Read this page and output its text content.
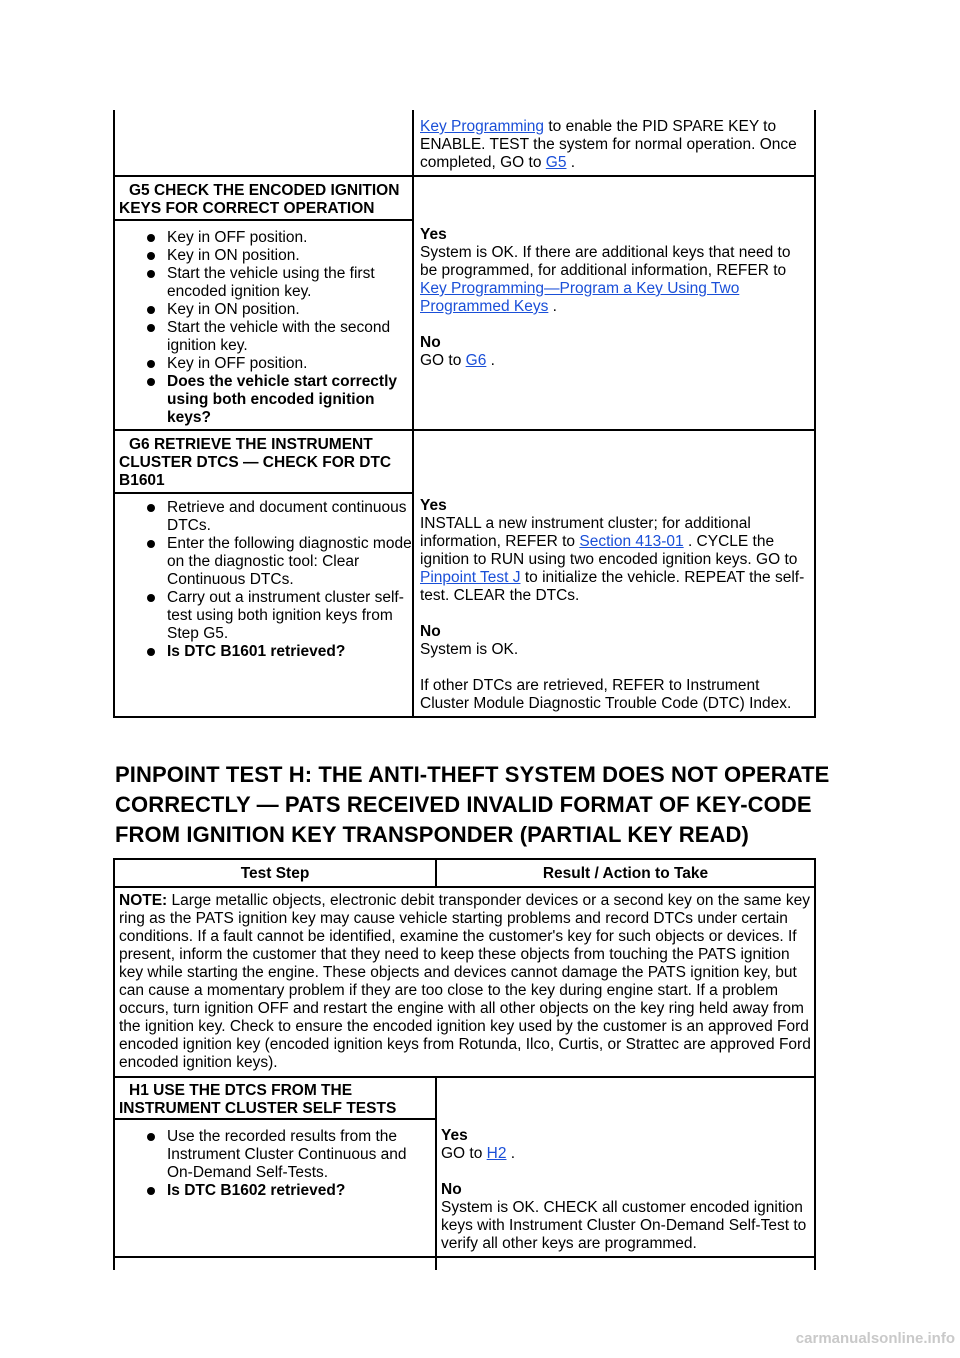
Key Programming to enable the PID SPARE KEY to ENABLE. TEST the system for normal operation. Once completed, GO to G5 .
G5 CHECK THE ENCODED IGNITION KEYS FOR CORRECT OPERATION
Key in OFF position.
Key in ON position.
Start the vehicle using the first encoded ignition key.
Key in ON position.
Start the vehicle with the second ignition key.
Key in OFF position.
Does the vehicle start correctly using both encoded ignition keys?
Yes
System is OK. If there are additional keys that need to be programmed, for additional information, REFER to Key Programming—Program a Key Using Two Programmed Keys .
No
GO to G6 .
G6 RETRIEVE THE INSTRUMENT CLUSTER DTCS — CHECK FOR DTC B1601
Retrieve and document continuous DTCs.
Enter the following diagnostic mode on the diagnostic tool: Clear Continuous DTCs.
Carry out a instrument cluster self-test using both ignition keys from Step G5.
Is DTC B1601 retrieved?
Yes
INSTALL a new instrument cluster; for additional information, REFER to Section 413-01 . CYCLE the ignition to RUN using two encoded ignition keys. GO to Pinpoint Test J to initialize the vehicle. REPEAT the self-test. CLEAR the DTCs.
No
System is OK.
If other DTCs are retrieved, REFER to Instrument Cluster Module Diagnostic Trouble Code (DTC) Index.
PINPOINT TEST H: THE ANTI-THEFT SYSTEM DOES NOT OPERATE CORRECTLY — PATS RECEIVED INVALID FORMAT OF KEY-CODE FROM IGNITION KEY TRANSPONDER (PARTIAL KEY READ)
Test Step	Result / Action to Take
NOTE: Large metallic objects, electronic debit transponder devices or a second key on the same key ring as the PATS ignition key may cause vehicle starting problems and record DTCs under certain conditions. If a fault cannot be identified, examine the customer's key for such objects or devices. If present, inform the customer that they need to keep these objects from touching the PATS ignition key while starting the engine. These objects and devices cannot damage the PATS ignition key, but can cause a momentary problem if they are too close to the key during engine start. If a problem occurs, turn ignition OFF and restart the engine with all other objects on the key ring held away from the ignition key. Check to ensure the encoded ignition key used by the customer is an approved Ford encoded ignition key (encoded ignition keys from Rotunda, Ilco, Curtis, or Strattec are approved Ford encoded ignition keys).
H1 USE THE DTCS FROM THE INSTRUMENT CLUSTER SELF TESTS
Use the recorded results from the Instrument Cluster Continuous and On-Demand Self-Tests.
Is DTC B1602 retrieved?
Yes
GO to H2 .
No
System is OK. CHECK all customer encoded ignition keys with Instrument Cluster On-Demand Self-Test to verify all other keys are programmed.
carmanualsonline.info
